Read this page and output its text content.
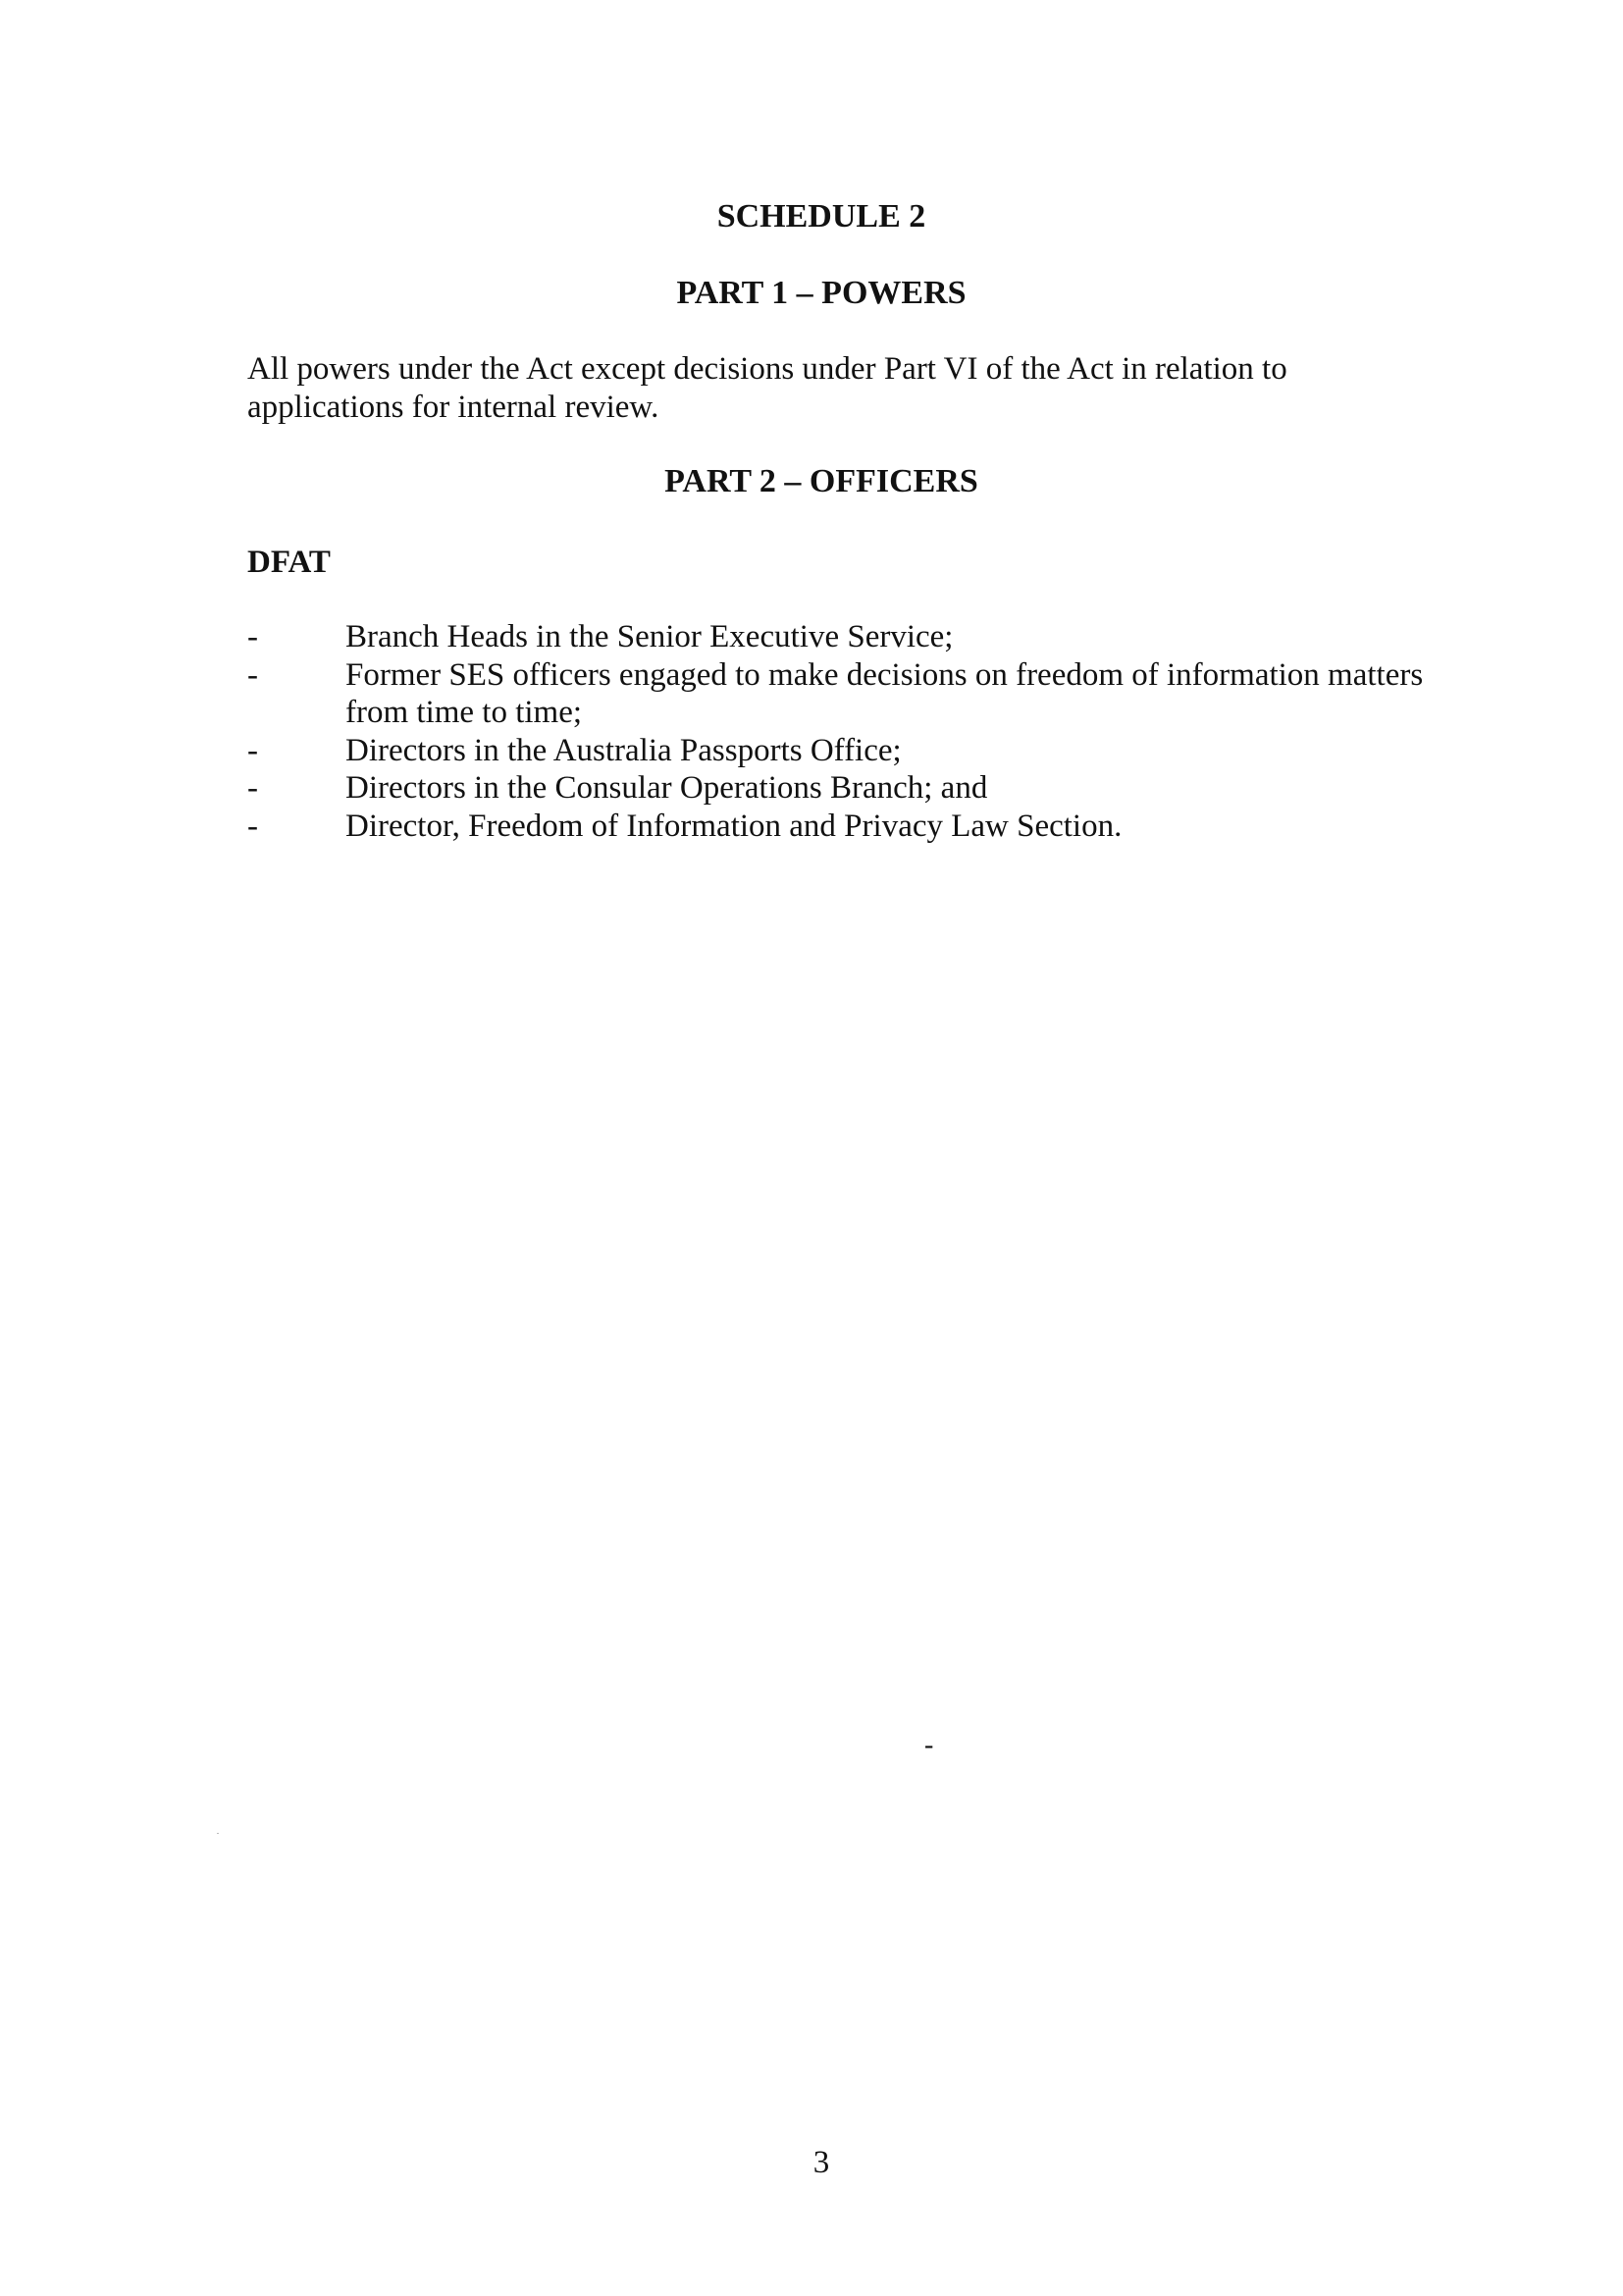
SCHEDULE 2
PART 1 – POWERS

All powers under the Act except decisions under Part VI of the Act in relation to applications for internal review.

PART 2 – OFFICERS
DFAT
-	Branch Heads in the Senior Executive Service;
-	Former SES officers engaged to make decisions on freedom of information matters from time to time;
-	Directors in the Australia Passports Office;
-	Directors in the Consular Operations Branch; and
-	Director, Freedom of Information and Privacy Law Section.
-
3
